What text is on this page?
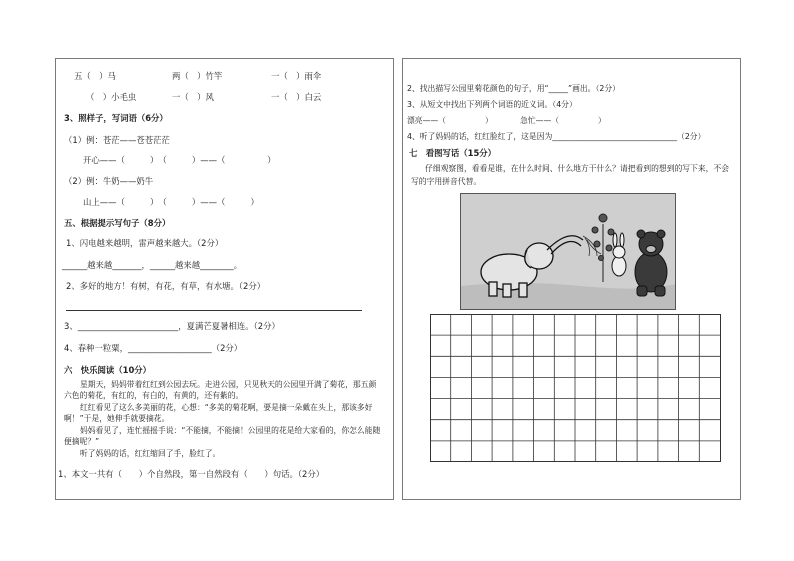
五（　）马	两（　）竹竿	一（　）雨伞
（　）小毛虫	一（　）风	一（　）白云
3、照样子，写词语（6分）
（1）例：苍茫——苍苍茫茫
开心——（　　　）　（　　　）——（　　　　　）
（2）例：牛奶——奶牛
山上——（　　　）　（　　　）——（　　　）
五、根据提示写句子（8分）
1、闪电越来越明，雷声越来越大。（2分）
______越来越_______，______越来越________。
2、多好的地方！有树，有花，有草，有水塘。（2分）
3、________________________，夏满芒夏暑相连。（2分）
4、春种一粒粟，____________________（2分）
六　快乐阅读（10分）
星期天，妈妈带着红红到公园去玩。走进公园，只见秋天的公园里开满了菊花，那五颜六色的菊花，有红的，有白的，有黄的，还有紫的。
红红看见了这么多美丽的花，心想：“多美的菊花啊，要是摘一朵戴在头上，那该多好啊！”于是，她伸手就要摘花。
妈妈看见了，连忙摇摇手说：“不能摘，不能摘！公园里的花是给大家看的，你怎么能随便摘呢？”
听了妈妈的话，红红缩回了手，脸红了。
1、本文一共有（　　）个自然段，第一自然段有（　　）句话。（2分）
2、找出描写公园里菊花颜色的句子，用“_____”画出。（2分）
3、从短文中找出下列两个词语的近义词。（4分）
漂亮——（　　　　　）　　　　急忙——（　　　　　）
4、听了妈妈的话，红红脸红了，这是因为________________________________（2分）
七　看图写话（15分）
仔细观察图，看看是谁，在什么时间、什么地方干什么？请把看到的想到的写下来，不会写的字用拼音代替。
